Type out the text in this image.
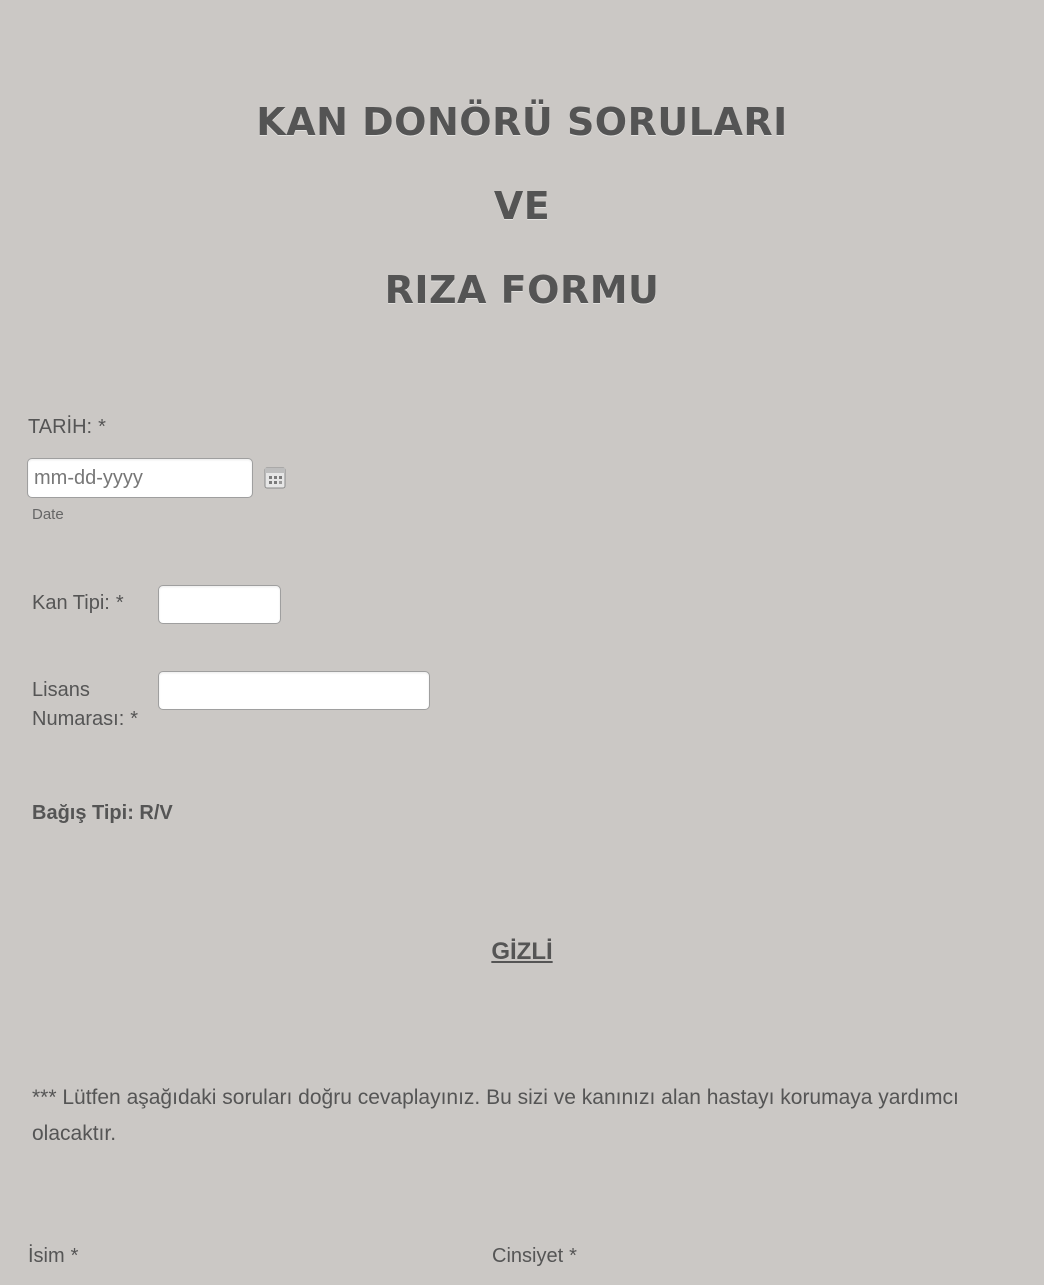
KAN DONÖRÜ SORULARI
VE
RIZA FORMU
TARİH: *
mm-dd-yyyy
Date
Kan Tipi: *
Lisans
Numarası: *
Bağış Tipi: R/V
GİZLİ
*** Lütfen aşağıdaki soruları doğru cevaplayınız. Bu sizi ve kanınızı alan hastayı korumaya yardımcı olacaktır.
İsim *	Cinsiyet *
